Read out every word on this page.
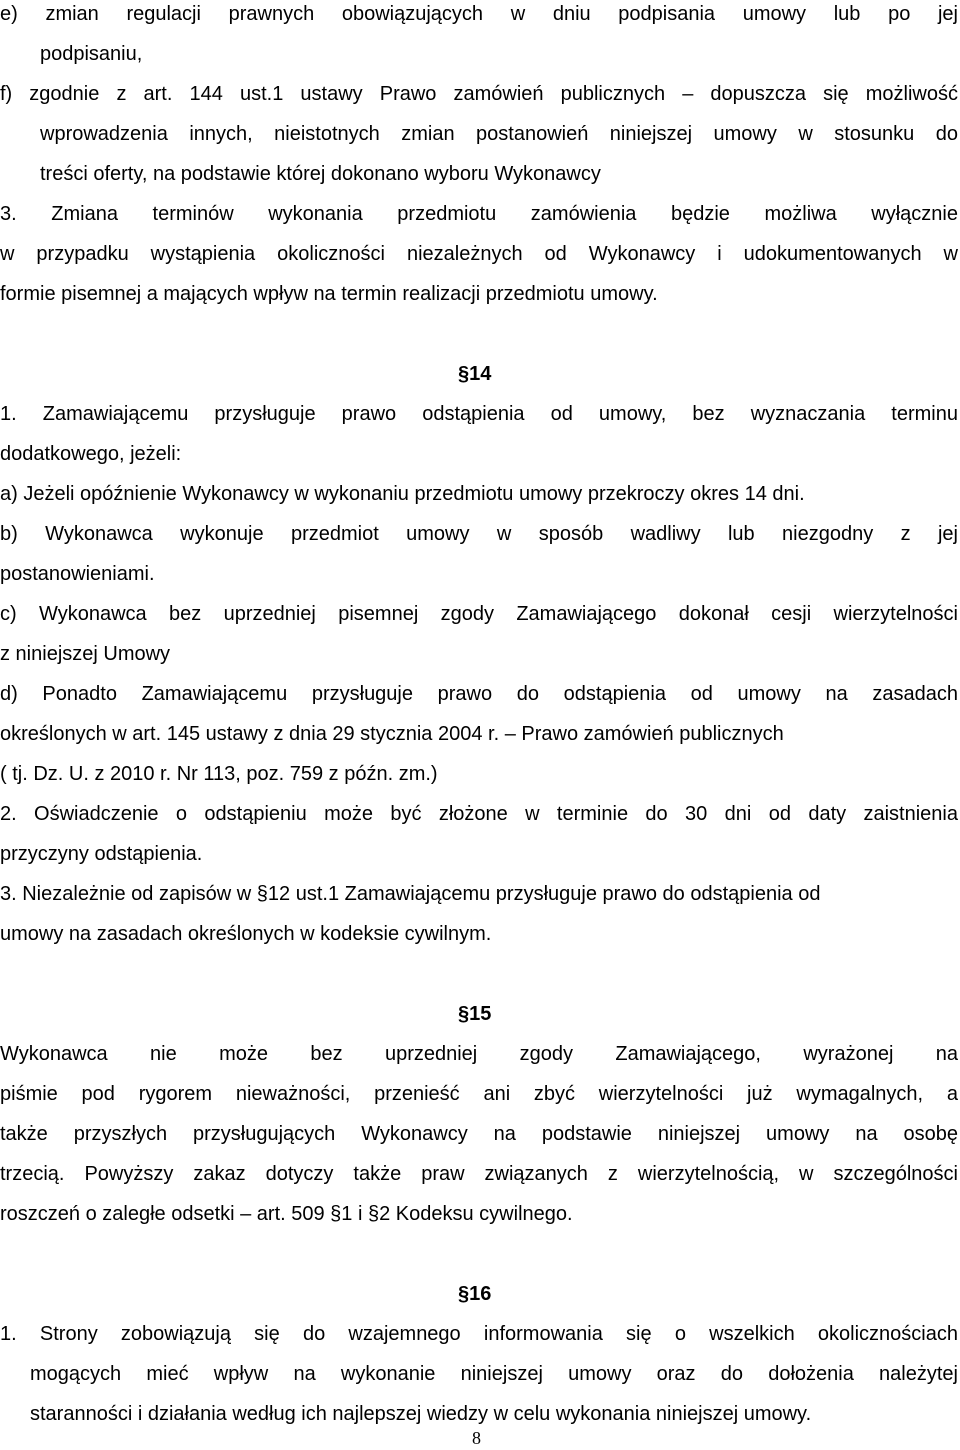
e) zmian regulacji prawnych obowiązujących w dniu podpisania umowy lub po jej
podpisaniu,
f) zgodnie z art. 144 ust.1 ustawy Prawo zamówień publicznych – dopuszcza się możliwość
wprowadzenia innych, nieistotnych zmian postanowień niniejszej umowy w stosunku do
treści oferty, na podstawie której dokonano wyboru Wykonawcy
3. Zmiana terminów wykonania przedmiotu zamówienia będzie możliwa wyłącznie
w przypadku wystąpienia okoliczności niezależnych od Wykonawcy i udokumentowanych w
formie pisemnej a mających wpływ na termin realizacji przedmiotu umowy.
§14
1. Zamawiającemu przysługuje prawo odstąpienia od umowy, bez wyznaczania terminu
dodatkowego, jeżeli:
a) Jeżeli opóźnienie Wykonawcy w wykonaniu przedmiotu umowy przekroczy okres 14 dni.
b) Wykonawca wykonuje przedmiot umowy w sposób wadliwy lub niezgodny z jej
postanowieniami.
c) Wykonawca bez uprzedniej pisemnej zgody Zamawiającego dokonał cesji wierzytelności
z niniejszej Umowy
d) Ponadto Zamawiającemu przysługuje prawo do odstąpienia od umowy na zasadach
określonych w art. 145 ustawy z dnia 29 stycznia 2004 r. – Prawo zamówień publicznych
( tj. Dz. U. z 2010 r. Nr 113, poz. 759 z późn. zm.)
2. Oświadczenie o odstąpieniu może być złożone w terminie do 30 dni od daty zaistnienia
przyczyny odstąpienia.
3. Niezależnie od zapisów w §12 ust.1 Zamawiającemu przysługuje prawo do odstąpienia od
umowy na zasadach określonych w kodeksie cywilnym.
§15
Wykonawca nie może bez uprzedniej zgody Zamawiającego, wyrażonej na
piśmie pod rygorem nieważności, przenieść ani zbyć wierzytelności już wymagalnych, a
także przyszłych przysługujących Wykonawcy na podstawie niniejszej umowy na osobę
trzecią. Powyższy zakaz dotyczy także praw związanych z wierzytelnością, w szczególności
roszczeń o zaległe odsetki – art. 509 §1 i §2 Kodeksu cywilnego.
§16
1. Strony zobowiązują się do wzajemnego informowania się o wszelkich okolicznościach
mogących mieć wpływ na wykonanie niniejszej umowy oraz do dołożenia należytej
staranności i działania według ich najlepszej wiedzy w celu wykonania niniejszej umowy.
8
